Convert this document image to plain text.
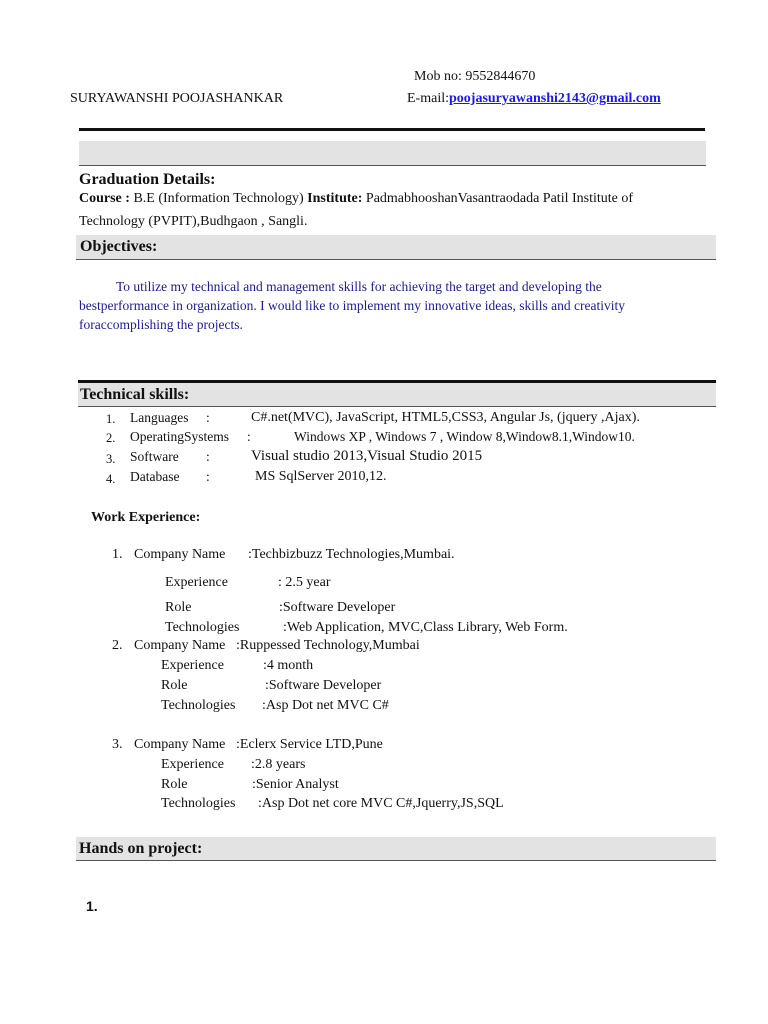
Mob no: 9552844670
SURYAWANSHI POOJASHANKAR	E-mail:poojasuryawanshi2143@gmail.com
Graduation Details:
Course : B.E (Information Technology) Institute: PadmabhooshanVasantraodada Patil Institute of
Technology (PVPIT),Budhgaon , Sangli.
Objectives:
To utilize my technical and management skills for achieving the target and developing the
bestperformance in organization. I would like to implement my innovative ideas, skills and creativity
foraccomplishing the projects.
Technical skills:
1. Languages :	C#.net(MVC), JavaScript, HTML5,CSS3, Angular Js, (jquery ,Ajax).
2. OperatingSystems :	Windows XP , Windows 7 , Window 8,Window8.1,Window10.
3. Software :	Visual studio 2013,Visual Studio 2015
4. Database :	MS SqlServer 2010,12.
Work Experience:
1. Company Name :Techbizbuzz Technologies,Mumbai.
Experience	: 2.5 year
Role	:Software Developer
Technologies	:Web Application, MVC,Class Library, Web Form.
2. Company Name :Ruppessed Technology,Mumbai
Experience	:4 month
Role	:Software Developer
Technologies :Asp Dot net MVC C#
3. Company Name :Eclerx Service LTD,Pune
Experience :2.8 years
Role	:Senior Analyst
Technologies :Asp Dot net core MVC C#,Jquerry,JS,SQL
Hands on project:
1.
